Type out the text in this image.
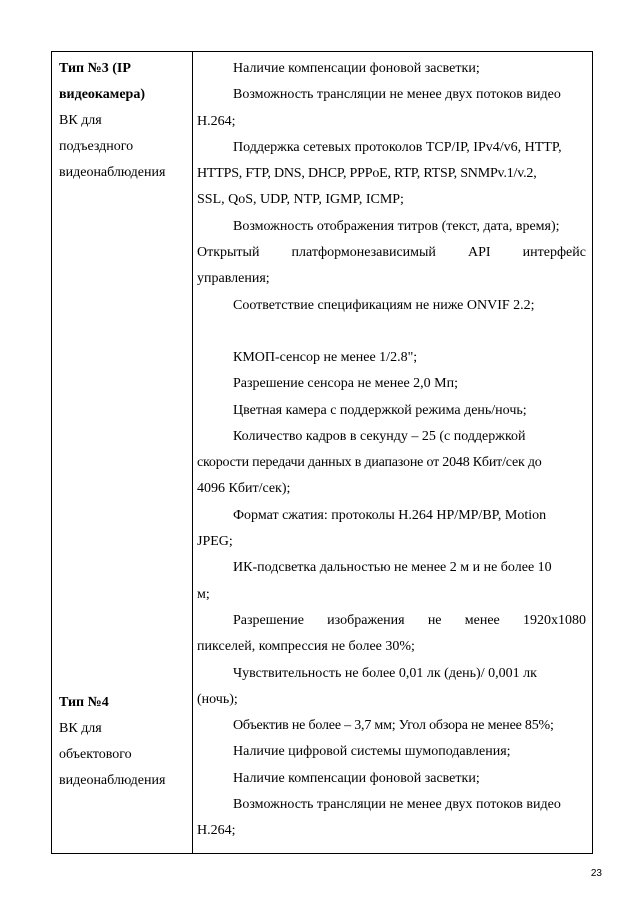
Тип №3 (IP
видеокамера)
ВК для
подъездного
видеонаблюдения
Тип №4
ВК для
объектового
видеонаблюдения
Наличие компенсации фоновой засветки;
Возможность трансляции не менее двух потоков видео
H.264;
Поддержка сетевых протоколов TCP/IP, IPv4/v6, HTTP,
HTTPS, FTP, DNS, DHCP, PPPoE, RTP, RTSP, SNMPv.1/v.2,
SSL, QoS, UDP, NTP, IGMP, ICMP;
Возможность отображения титров (текст, дата, время);
Открытый платформонезависимый API интерфейс
управления;
Соответствие спецификациям не ниже ONVIF 2.2;
КМОП-сенсор не менее 1/2.8";
Разрешение сенсора не менее 2,0 Мп;
Цветная камера с поддержкой режима день/ночь;
Количество кадров в секунду – 25 (с поддержкой
скорости передачи данных в диапазоне от 2048 Кбит/сек до
4096 Кбит/сек);
Формат сжатия: протоколы H.264 HP/MP/BP, Motion
JPEG;
ИК-подсветка дальностью не менее 2 м и не более 10
м;
Разрешение изображения не менее 1920x1080
пикселей, компрессия не более 30%;
Чувствительность не более 0,01 лк (день)/ 0,001 лк
(ночь);
Объектив не более – 3,7 мм; Угол обзора не менее 85%;
Наличие цифровой системы шумоподавления;
Наличие компенсации фоновой засветки;
Возможность трансляции не менее двух потоков видео
H.264;
23
